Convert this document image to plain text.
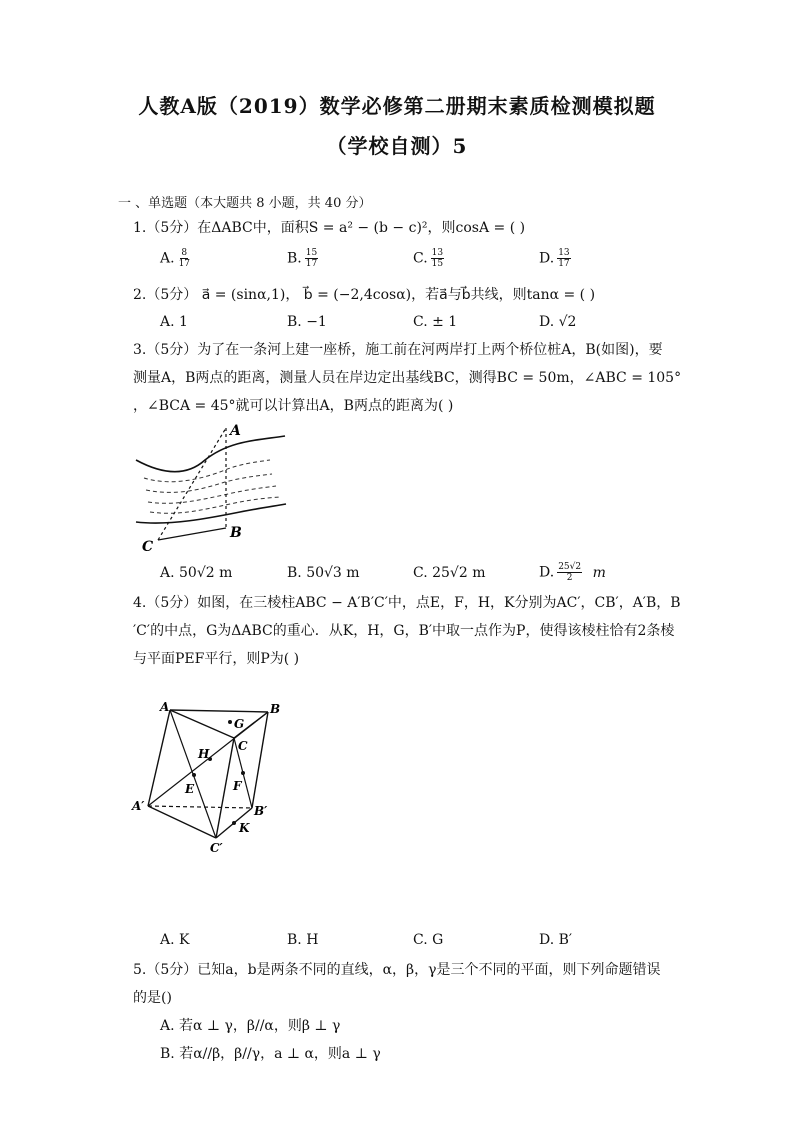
人教A版（2019）数学必修第二册期末素质检测模拟题
（学校自测）5
一 、单选题（本大题共 8 小题，共 40 分）
1.（5分）在ΔABC中，面积S = a² − (b − c)²，则cosA = ( )
A. $\frac{8}{17}$	B. $\frac{15}{17}$	C. $\frac{13}{15}$	D. $\frac{13}{17}$
2.（5分） a⃗ = (sinα,1)， b⃗ = (−2,4cosα)，若a⃗与b⃗共线，则tanα = ( )
A. 1	B. −1	C. ± 1	D. √2
3.（5分）为了在一条河上建一座桥，施工前在河两岸打上两个桥位桩A，B(如图)，要
测量A，B两点的距离，测量人员在岸边定出基线BC，测得BC = 50m，∠ABC = 105°
，∠BCA = 45°就可以计算出A，B两点的距离为( )
A
B
C
A. 50√2 m	B. 50√3 m	C. 25√2 m	D. $\frac{25√2}{2}$ m
4.（5分）如图，在三棱柱ABC − A′B′C′中，点E，F，H，K分别为AC′，CB′，A′B，B
′C′的中点，G为ΔABC的重心．从K，H，G，B′中取一点作为P，使得该棱柱恰有2条棱
与平面PEF平行，则P为( )
A	B
C
G
H
E	F
A′	B′
C′
K
A. K	B. H	C. G	D. B′
5.（5分）已知a，b是两条不同的直线，α，β，γ是三个不同的平面，则下列命题错误
的是()
A. 若α ⊥ γ，β//α，则β ⊥ γ
B. 若α//β，β//γ，a ⊥ α，则a ⊥ γ
